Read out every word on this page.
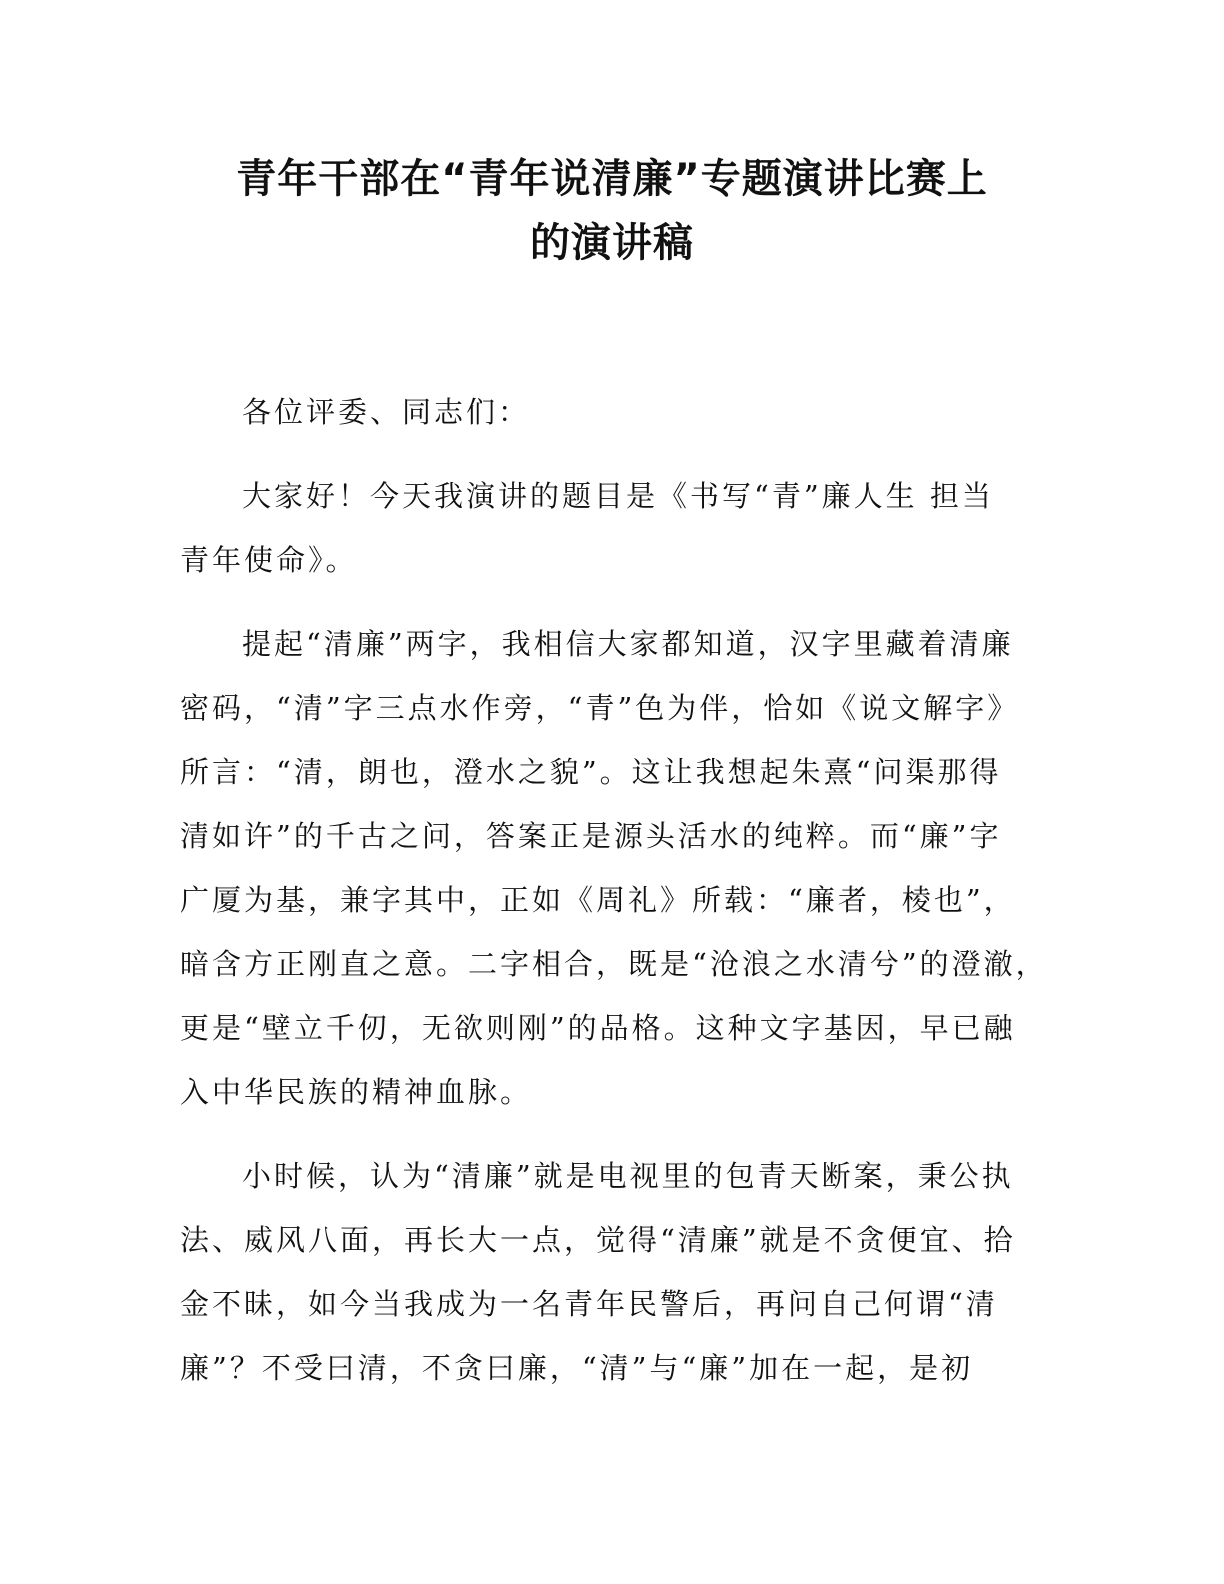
青年干部在“青年说清廉”专题演讲比赛上
的演讲稿
各位评委、同志们：
大家好！今天我演讲的题目是《书写“青”廉人生 担当
青年使命》。
提起“清廉”两字，我相信大家都知道，汉字里藏着清廉
密码，“清”字三点水作旁，“青”色为伴，恰如《说文解字》
所言：“清，朗也，澄水之貌”。这让我想起朱熹“问渠那得
清如许”的千古之问，答案正是源头活水的纯粹。而“廉”字
广厦为基，兼字其中，正如《周礼》所载：“廉者，棱也”，
暗含方正刚直之意。二字相合，既是“沧浪之水清兮”的澄澈，
更是“壁立千仞，无欲则刚”的品格。这种文字基因，早已融
入中华民族的精神血脉。
小时候，认为“清廉”就是电视里的包青天断案，秉公执
法、威风八面，再长大一点，觉得“清廉”就是不贪便宜、拾
金不昧，如今当我成为一名青年民警后，再问自己何谓“清
廉”？不受曰清，不贪曰廉，“清”与“廉”加在一起，是初
